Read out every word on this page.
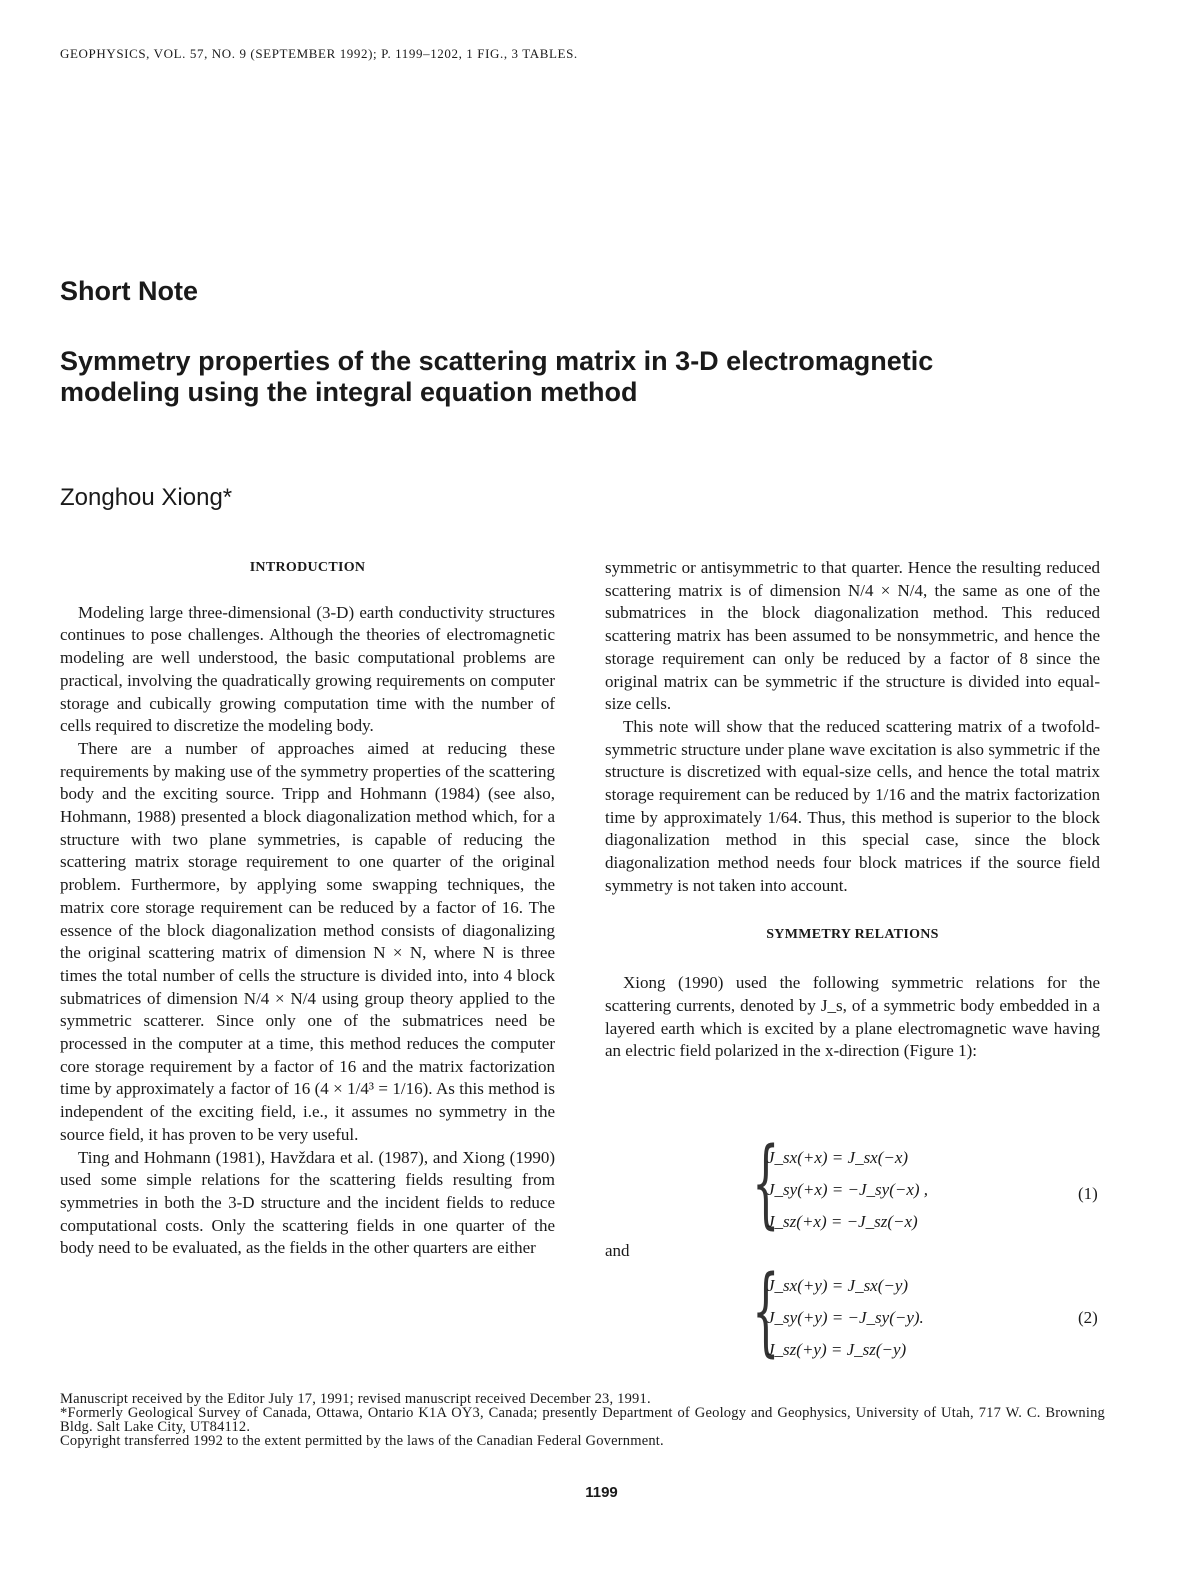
GEOPHYSICS, VOL. 57, NO. 9 (SEPTEMBER 1992); P. 1199–1202, 1 FIG., 3 TABLES.
Short Note
Symmetry properties of the scattering matrix in 3-D electromagnetic modeling using the integral equation method
Zonghou Xiong*
INTRODUCTION

Modeling large three-dimensional (3-D) earth conductivity structures continues to pose challenges. Although the theories of electromagnetic modeling are well understood, the basic computational problems are practical, involving the quadratically growing requirements on computer storage and cubically growing computation time with the number of cells required to discretize the modeling body.

There are a number of approaches aimed at reducing these requirements by making use of the symmetry properties of the scattering body and the exciting source. Tripp and Hohmann (1984) (see also, Hohmann, 1988) presented a block diagonalization method which, for a structure with two plane symmetries, is capable of reducing the scattering matrix storage requirement to one quarter of the original problem. Furthermore, by applying some swapping techniques, the matrix core storage requirement can be reduced by a factor of 16. The essence of the block diagonalization method consists of diagonalizing the original scattering matrix of dimension N × N, where N is three times the total number of cells the structure is divided into, into 4 block submatrices of dimension N/4 × N/4 using group theory applied to the symmetric scatterer. Since only one of the submatrices need be processed in the computer at a time, this method reduces the computer core storage requirement by a factor of 16 and the matrix factorization time by approximately a factor of 16 (4 × 1/4³ = 1/16). As this method is independent of the exciting field, i.e., it assumes no symmetry in the source field, it has proven to be very useful.

Ting and Hohmann (1981), Havždara et al. (1987), and Xiong (1990) used some simple relations for the scattering fields resulting from symmetries in both the 3-D structure and the incident fields to reduce computational costs. Only the scattering fields in one quarter of the body need to be evaluated, as the fields in the other quarters are either

symmetric or antisymmetric to that quarter. Hence the resulting reduced scattering matrix is of dimension N/4 × N/4, the same as one of the submatrices in the block diagonalization method. This reduced scattering matrix has been assumed to be nonsymmetric, and hence the storage requirement can only be reduced by a factor of 8 since the original matrix can be symmetric if the structure is divided into equal-size cells.

This note will show that the reduced scattering matrix of a twofold-symmetric structure under plane wave excitation is also symmetric if the structure is discretized with equal-size cells, and hence the total matrix storage requirement can be reduced by 1/16 and the matrix factorization time by approximately 1/64. Thus, this method is superior to the block diagonalization method in this special case, since the block diagonalization method needs four block matrices if the source field symmetry is not taken into account.

SYMMETRY RELATIONS

Xiong (1990) used the following symmetric relations for the scattering currents, denoted by J_s, of a symmetric body embedded in a layered earth which is excited by a plane electromagnetic wave having an electric field polarized in the x-direction (Figure 1):

{
J_sx(+x) = J_sx(−x)
J_sy(+x) = −J_sy(−x) ,
J_sz(+x) = −J_sz(−x)
(1)
and
{
J_sx(+y) = J_sx(−y)
J_sy(+y) = −J_sy(−y).
J_sz(+y) = J_sz(−y)
(2)

Manuscript received by the Editor July 17, 1991; revised manuscript received December 23, 1991.

*Formerly Geological Survey of Canada, Ottawa, Ontario K1A OY3, Canada; presently Department of Geology and Geophysics, University of Utah, 717 W. C. Browning Bldg. Salt Lake City, UT84112.

Copyright transferred 1992 to the extent permitted by the laws of the Canadian Federal Government.

1199
